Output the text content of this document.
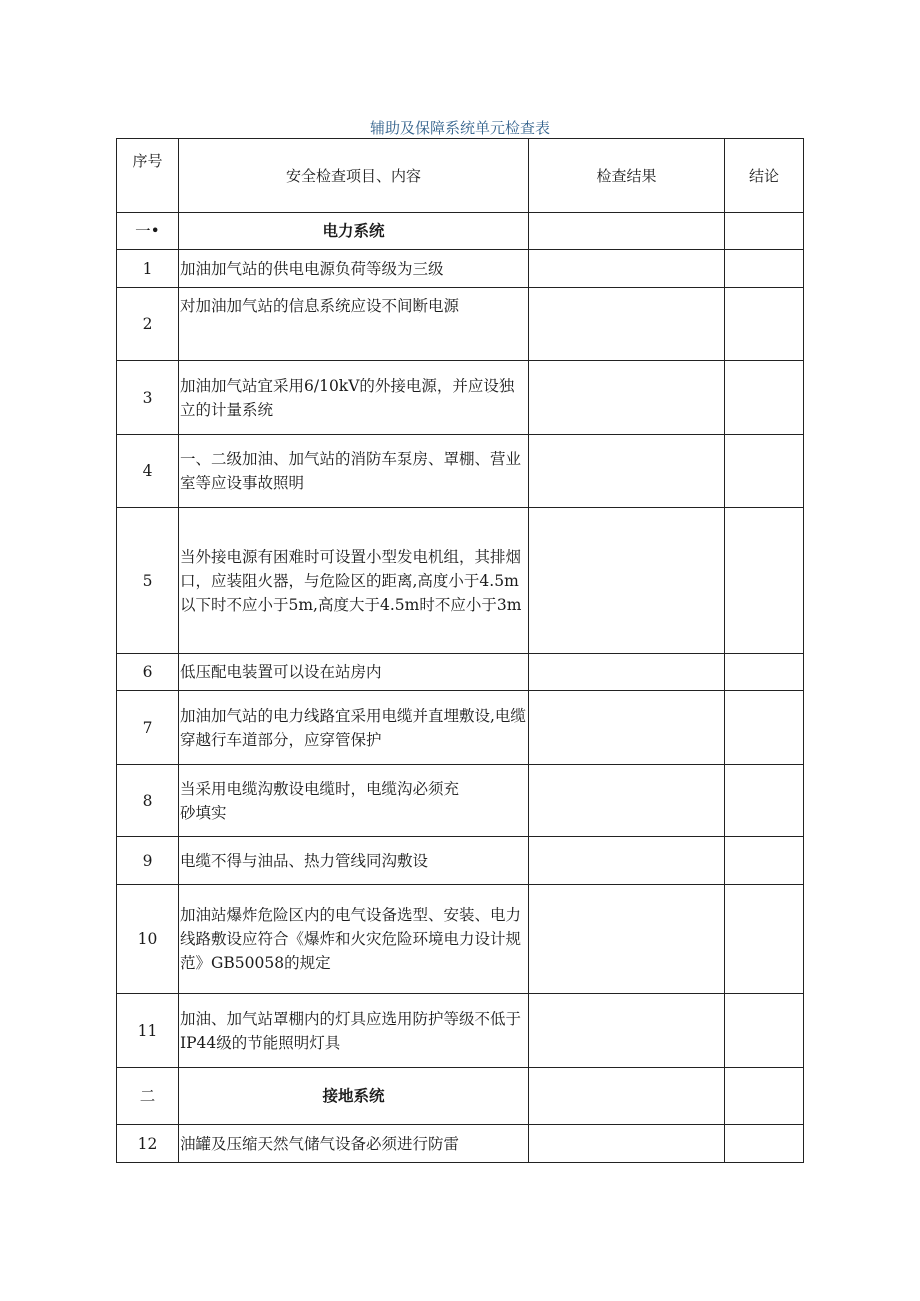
辅助及保障系统单元检查表
序号	安全检查项目、内容	检查结果	结论
一•	电力系统		
1	加油加气站的供电电源负荷等级为三级		
2	对加油加气站的信息系统应设不间断电源		
3	加油加气站宜采用6/10kV的外接电源，并应设独立的计量系统		
4	一、二级加油、加气站的消防车泵房、罩棚、营业室等应设事故照明		
5	当外接电源有困难时可设置小型发电机组，其排烟口，应装阻火器，与危险区的距离,高度小于4.5m以下时不应小于5m,高度大于4.5m时不应小于3m		
6	低压配电装置可以设在站房内		
7	加油加气站的电力线路宜采用电缆并直埋敷设,电缆穿越行车道部分，应穿管保护		
8	当采用电缆沟敷设电缆时，电缆沟必须充砂填实		
9	电缆不得与油品、热力管线同沟敷设		
10	加油站爆炸危险区内的电气设备选型、安装、电力线路敷设应符合《爆炸和火灾危险环境电力设计规范》GB50058的规定		
11	加油、加气站罩棚内的灯具应选用防护等级不低于IP44级的节能照明灯具		
二	接地系统		
12	油罐及压缩天然气储气设备必须进行防雷		
